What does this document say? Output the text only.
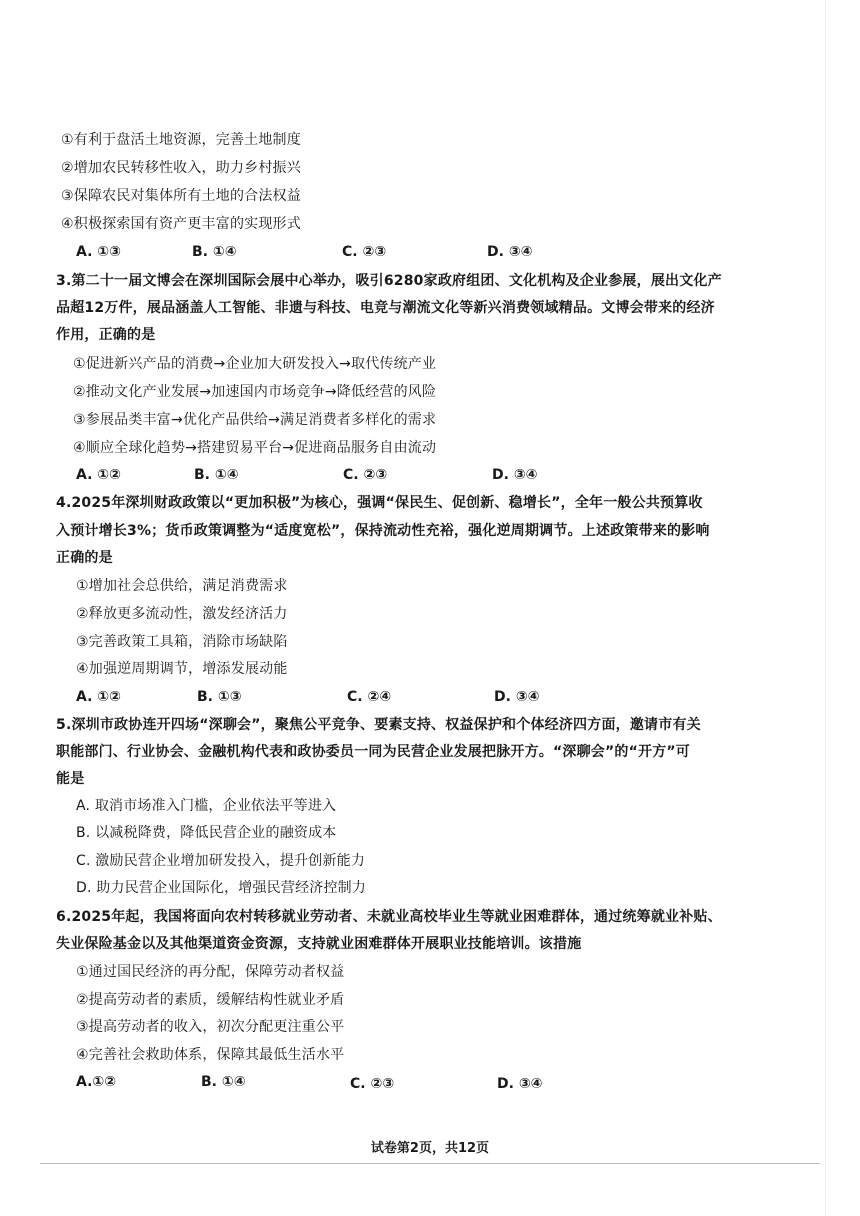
①有利于盘活土地资源，完善土地制度
②增加农民转移性收入，助力乡村振兴
③保障农民对集体所有土地的合法权益
④积极探索国有资产更丰富的实现形式
A. ①③	B. ①④	C. ②③	D. ③④
3.第二十一届文博会在深圳国际会展中心举办，吸引6280家政府组团、文化机构及企业参展，展出文化产
品超12万件，展品涵盖人工智能、非遗与科技、电竞与潮流文化等新兴消费领域精品。文博会带来的经济
作用，正确的是
①促进新兴产品的消费→企业加大研发投入→取代传统产业
②推动文化产业发展→加速国内市场竞争→降低经营的风险
③参展品类丰富→优化产品供给→满足消费者多样化的需求
④顺应全球化趋势→搭建贸易平台→促进商品服务自由流动
A. ①②	B. ①④	C. ②③	D. ③④
4.2025年深圳财政政策以“更加积极”为核心，强调“保民生、促创新、稳增长”，全年一般公共预算收
入预计增长3%；货币政策调整为“适度宽松”，保持流动性充裕，强化逆周期调节。上述政策带来的影响
正确的是
①增加社会总供给，满足消费需求
②释放更多流动性，激发经济活力
③完善政策工具箱，消除市场缺陷
④加强逆周期调节，增添发展动能
A. ①②	B. ①③	C. ②④	D. ③④
5.深圳市政协连开四场“深聊会”，聚焦公平竞争、要素支持、权益保护和个体经济四方面，邀请市有关
职能部门、行业协会、金融机构代表和政协委员一同为民营企业发展把脉开方。“深聊会”的“开方”可
能是
A. 取消市场准入门槛，企业依法平等进入
B. 以减税降费，降低民营企业的融资成本
C. 激励民营企业增加研发投入，提升创新能力
D. 助力民营企业国际化，增强民营经济控制力
6.2025年起，我国将面向农村转移就业劳动者、未就业高校毕业生等就业困难群体，通过统筹就业补贴、
失业保险基金以及其他渠道资金资源，支持就业困难群体开展职业技能培训。该措施
①通过国民经济的再分配，保障劳动者权益
②提高劳动者的素质，缓解结构性就业矛盾
③提高劳动者的收入，初次分配更注重公平
④完善社会救助体系，保障其最低生活水平
A.①②	B. ①④	C. ②③	D. ③④
试卷第2页，共12页
